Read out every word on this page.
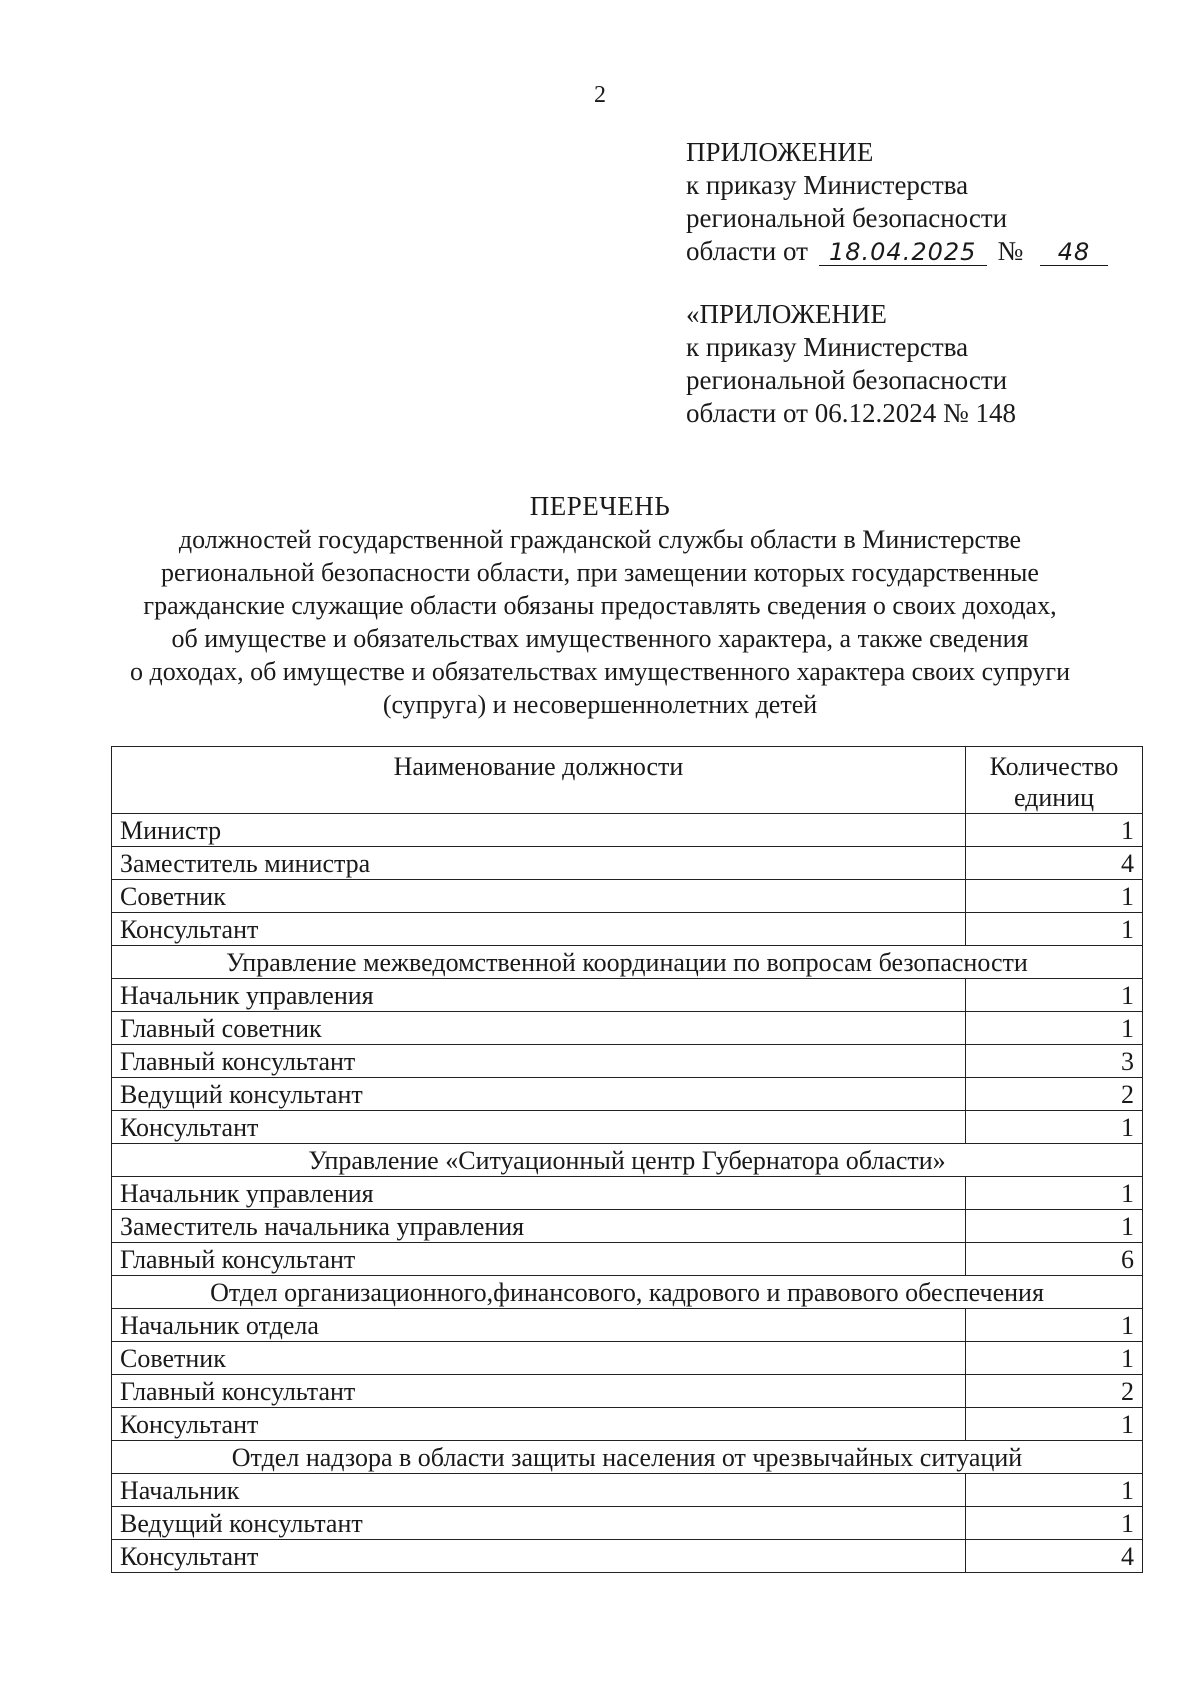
2
ПРИЛОЖЕНИЕ
к приказу Министерства
региональной безопасности
области от 18.04.2025 № 48
«ПРИЛОЖЕНИЕ
к приказу Министерства
региональной безопасности
области от 06.12.2024 № 148
ПЕРЕЧЕНЬ
должностей государственной гражданской службы области в Министерстве
региональной безопасности области, при замещении которых государственные
гражданские служащие области обязаны предоставлять сведения о своих доходах,
об имуществе и обязательствах имущественного характера, а также сведения
о доходах, об имуществе и обязательствах имущественного характера своих супруги
(супруга) и несовершеннолетних детей
Наименование должности	Количество
единиц

Министр	1
Заместитель министра	4
Советник	1
Консультант	1
Управление межведомственной координации по вопросам безопасности	
Начальник управления	1
Главный советник	1
Главный консультант	3
Ведущий консультант	2
Консультант	1
Управление «Ситуационный центр Губернатора области»	
Начальник управления	1
Заместитель начальника управления	1
Главный консультант	6
Отдел организационного,финансового, кадрового и правового обеспечения	
Начальник отдела	1
Советник	1
Главный консультант	2
Консультант	1
Отдел надзора в области защиты населения от чрезвычайных ситуаций	
Начальник	1
Ведущий консультант	1
Консультант	4
